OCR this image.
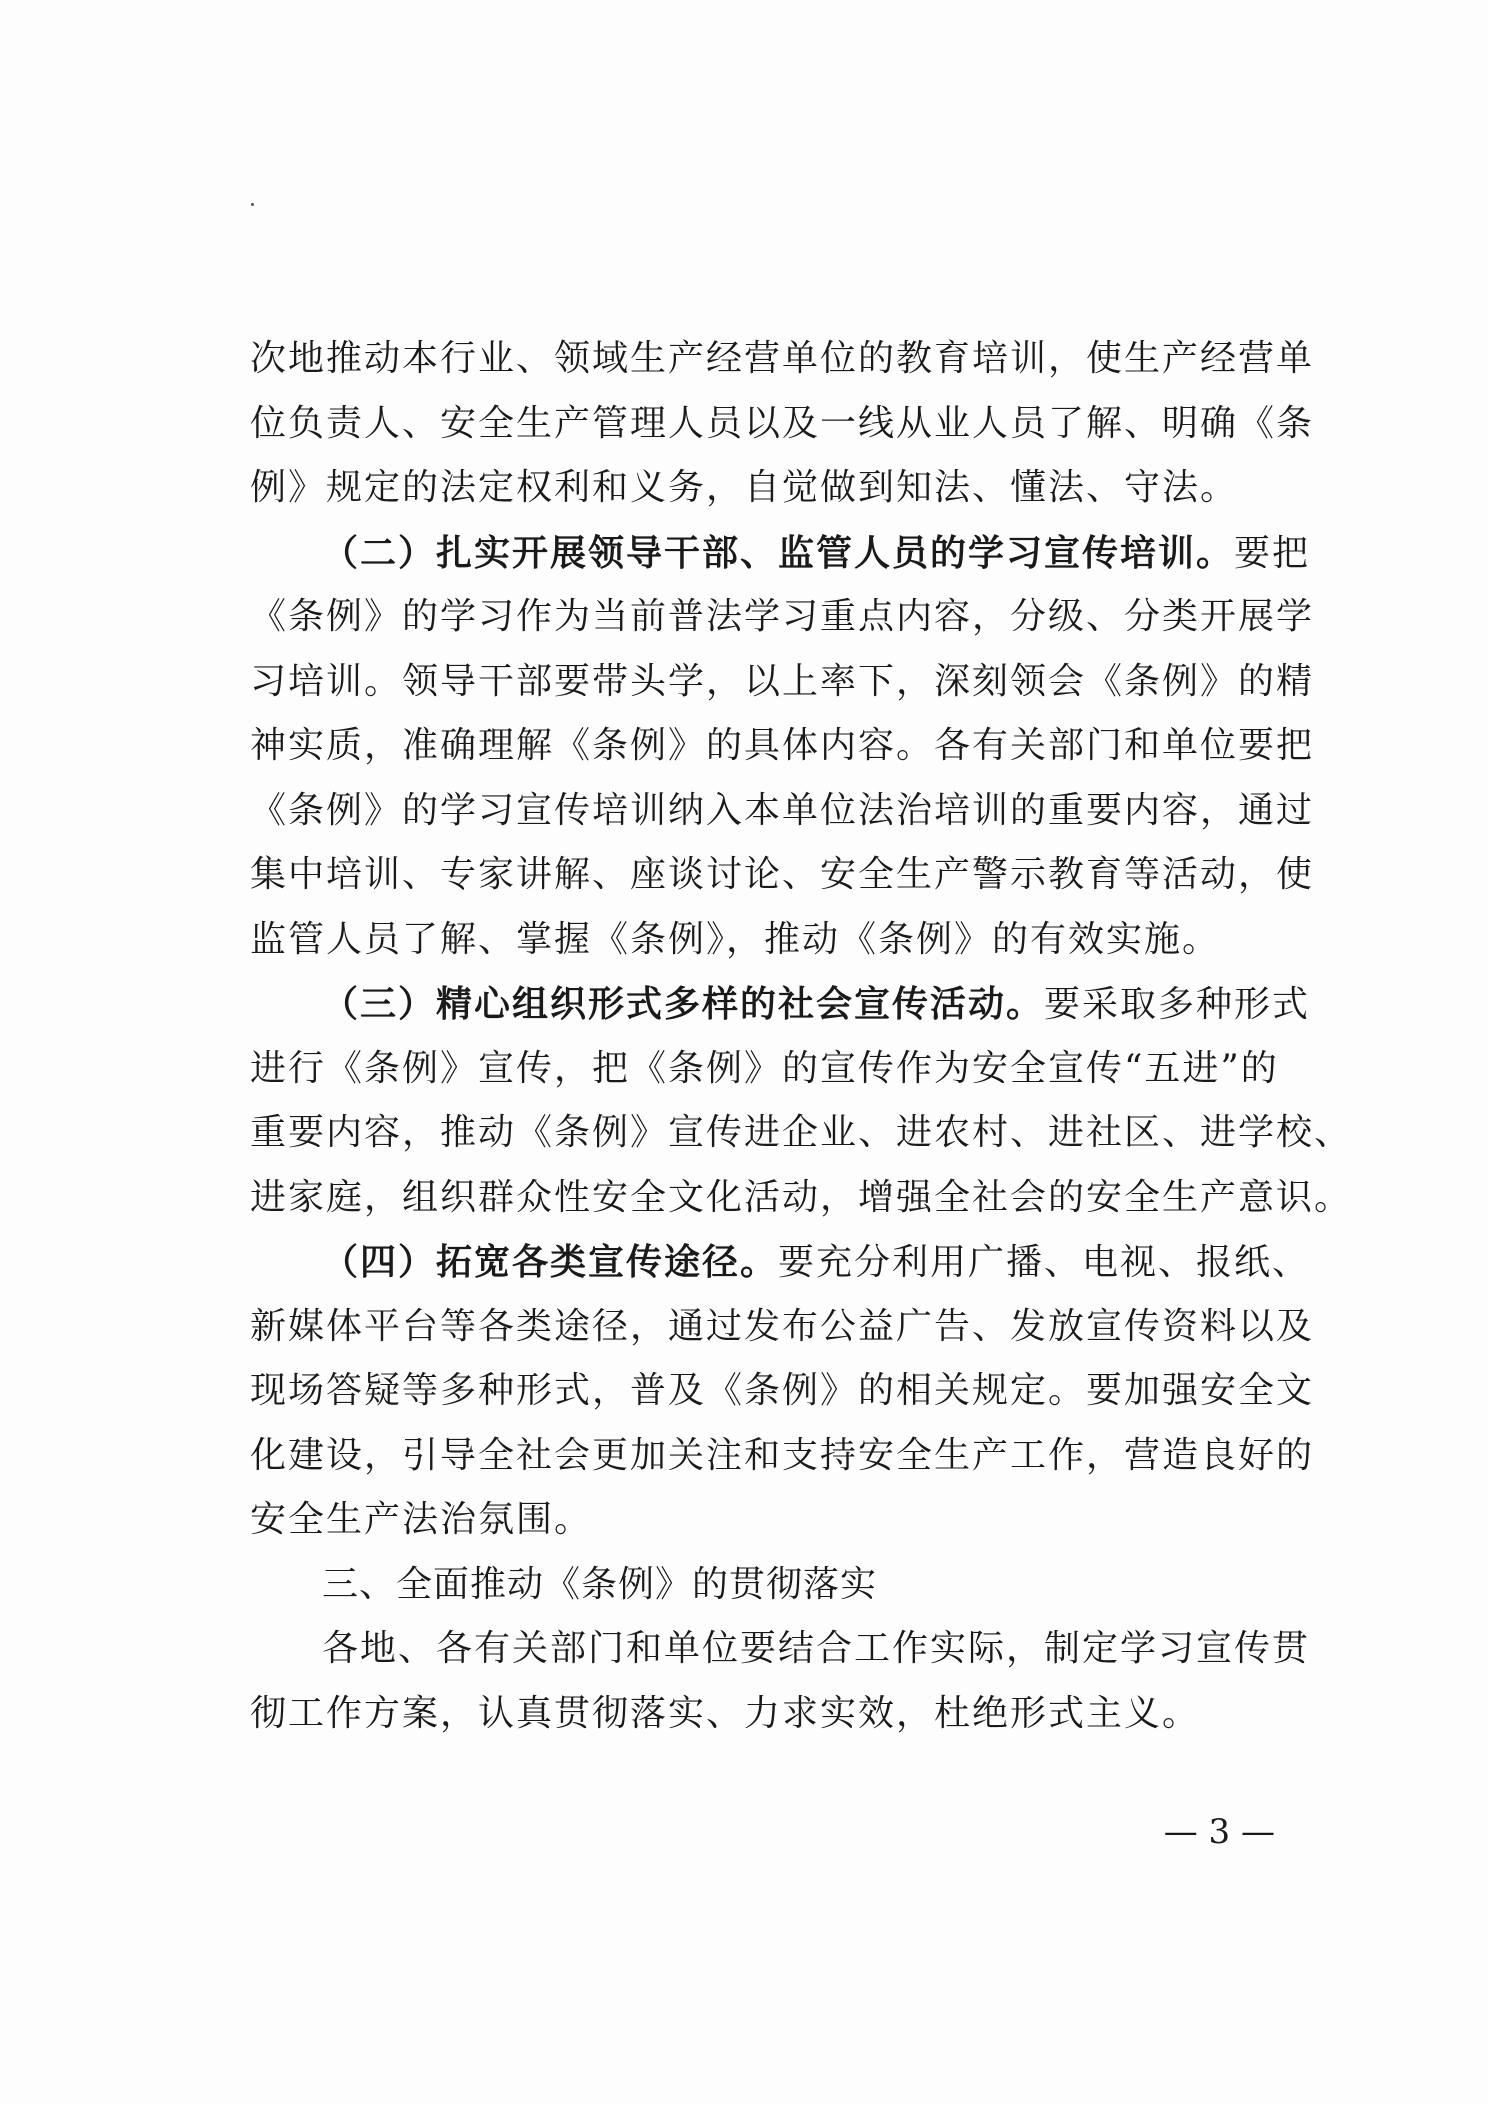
次地推动本行业、领域生产经营单位的教育培训，使生产经营单
位负责人、安全生产管理人员以及一线从业人员了解、明确《条
例》规定的法定权利和义务，自觉做到知法、懂法、守法。
（二）扎实开展领导干部、监管人员的学习宣传培训。要把
《条例》的学习作为当前普法学习重点内容，分级、分类开展学
习培训。领导干部要带头学，以上率下，深刻领会《条例》的精
神实质，准确理解《条例》的具体内容。各有关部门和单位要把
《条例》的学习宣传培训纳入本单位法治培训的重要内容，通过
集中培训、专家讲解、座谈讨论、安全生产警示教育等活动，使
监管人员了解、掌握《条例》，推动《条例》的有效实施。
（三）精心组织形式多样的社会宣传活动。要采取多种形式
进行《条例》宣传，把《条例》的宣传作为安全宣传“五进”的
重要内容，推动《条例》宣传进企业、进农村、进社区、进学校、
进家庭，组织群众性安全文化活动，增强全社会的安全生产意识。
（四）拓宽各类宣传途径。要充分利用广播、电视、报纸、
新媒体平台等各类途径，通过发布公益广告、发放宣传资料以及
现场答疑等多种形式，普及《条例》的相关规定。要加强安全文
化建设，引导全社会更加关注和支持安全生产工作，营造良好的
安全生产法治氛围。
三、全面推动《条例》的贯彻落实
各地、各有关部门和单位要结合工作实际，制定学习宣传贯
彻工作方案，认真贯彻落实、力求实效，杜绝形式主义。
— 3 —
